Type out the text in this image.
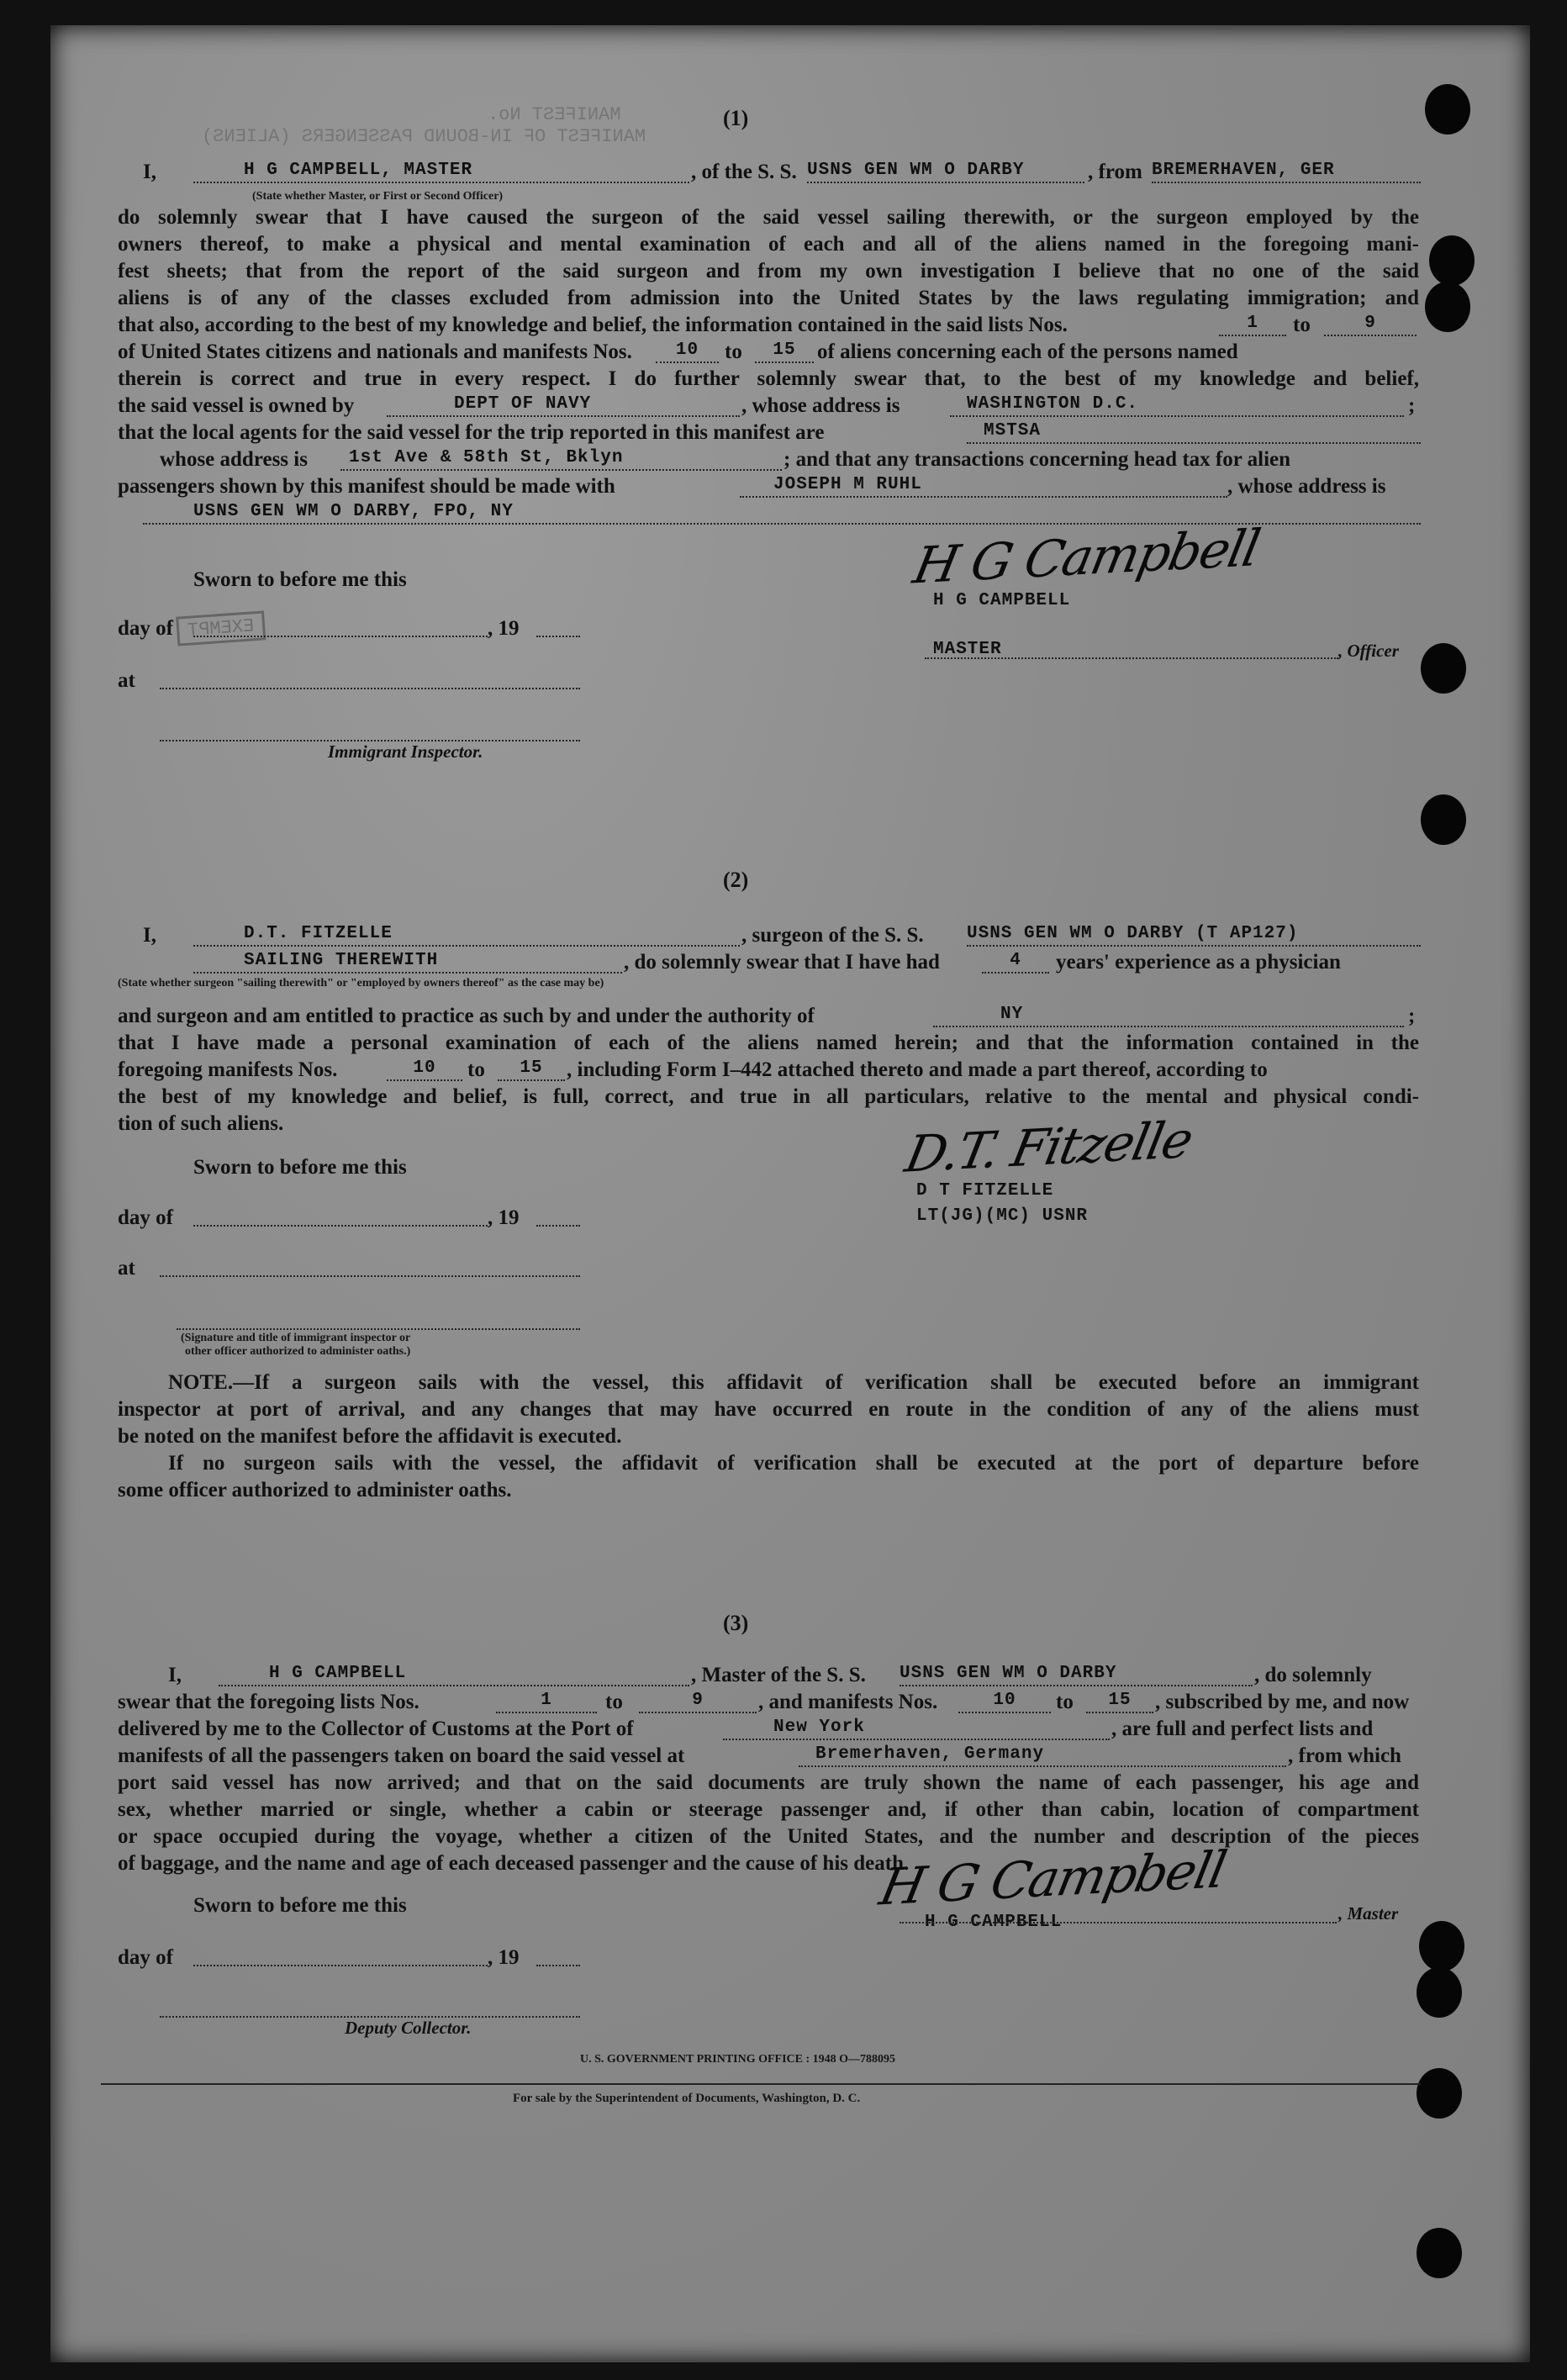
MANIFEST No.
MANIFEST OF IN-BOUND PASSENGERS (ALIENS)
EXEMPT
(1)
I,	H G CAMPBELL, MASTER	, of the S. S. USNS GEN WM O DARBY	, from BREMERHAVEN, GER
(State whether Master, or First or Second Officer)
do solemnly swear that I have caused the surgeon of the said vessel sailing therewith, or the surgeon employed by the
owners thereof, to make a physical and mental examination of each and all of the aliens named in the foregoing mani-
fest sheets; that from the report of the said surgeon and from my own investigation I believe that no one of the said
aliens is of any of the classes excluded from admission into the United States by the laws regulating immigration; and
that also, according to the best of my knowledge and belief, the information contained in the said lists Nos.	1	to	9
of United States citizens and nationals and manifests Nos.	10	to	15	of aliens concerning each of the persons named
therein is correct and true in every respect. I do further solemnly swear that, to the best of my knowledge and belief,
the said vessel is owned by	DEPT OF NAVY	, whose address is	WASHINGTON D.C.	;
that the local agents for the said vessel for the trip reported in this manifest are	MSTSA
whose address is	1st Ave & 58th St, Bklyn	; and that any transactions concerning head tax for alien
passengers shown by this manifest should be made with	JOSEPH M RUHL	, whose address is
USNS GEN WM O DARBY, FPO, NY
Sworn to before me this
day of	, 19
at
Immigrant Inspector.
H G Campbell
H G CAMPBELL
MASTER	, Officer
(2)
I,	D.T. FITZELLE	, surgeon of the S. S. USNS GEN WM O DARBY (T AP127)
SAILING THEREWITH	, do solemnly swear that I have had	4	years' experience as a physician
(State whether surgeon "sailing therewith" or "employed by owners thereof" as the case may be)
and surgeon and am entitled to practice as such by and under the authority of	NY	;
that I have made a personal examination of each of the aliens named herein; and that the information contained in the
foregoing manifests Nos.	10	to	15	, including Form I–442 attached thereto and made a part thereof, according to
the best of my knowledge and belief, is full, correct, and true in all particulars, relative to the mental and physical condi-
tion of such aliens.
Sworn to before me this
day of	, 19
at
(Signature and title of immigrant inspector or
other officer authorized to administer oaths.)
D.T. Fitzelle
D T FITZELLE
LT(JG)(MC) USNR
NOTE.—If a surgeon sails with the vessel, this affidavit of verification shall be executed before an immigrant
inspector at port of arrival, and any changes that may have occurred en route in the condition of any of the aliens must
be noted on the manifest before the affidavit is executed.
If no surgeon sails with the vessel, the affidavit of verification shall be executed at the port of departure before
some officer authorized to administer oaths.
(3)
I,	H G CAMPBELL	, Master of the S. S. USNS GEN WM O DARBY	, do solemnly
swear that the foregoing lists Nos.	1	to	9	, and manifests Nos.	10	to	15	, subscribed by me, and now
delivered by me to the Collector of Customs at the Port of	New York	, are full and perfect lists and
manifests of all the passengers taken on board the said vessel at	Bremerhaven, Germany	, from which
port said vessel has now arrived; and that on the said documents are truly shown the name of each passenger, his age and
sex, whether married or single, whether a cabin or steerage passenger and, if other than cabin, location of compartment
or space occupied during the voyage, whether a citizen of the United States, and the number and description of the pieces
of baggage, and the name and age of each deceased passenger and the cause of his death.
Sworn to before me this
day of	, 19
Deputy Collector.
H G Campbell
H G CAMPBELL	, Master
U. S. GOVERNMENT PRINTING OFFICE : 1948 O—788095
For sale by the Superintendent of Documents, Washington, D. C.
